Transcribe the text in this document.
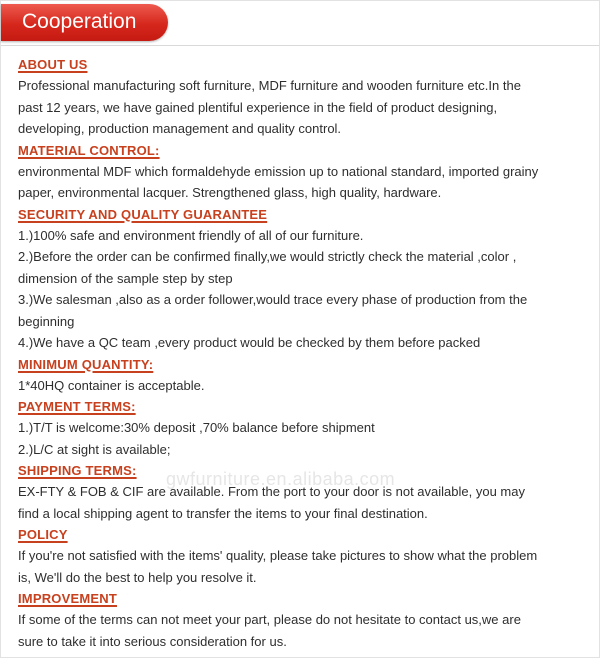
Cooperation
gwfurniture.en.alibaba.com
ABOUT US
Professional manufacturing soft furniture, MDF furniture and wooden furniture etc.In the
past 12 years, we have gained plentiful experience in the field of product designing,
developing, production management and quality control.
MATERIAL CONTROL:
environmental MDF which formaldehyde emission up to national standard, imported grainy
paper, environmental lacquer. Strengthened glass, high quality, hardware.
SECURITY AND QUALITY GUARANTEE
1.)100% safe and environment friendly of all of our furniture.
2.)Before the order can be confirmed finally,we would strictly check the material ,color ,
dimension of the sample step by step
3.)We salesman ,also as a order follower,would trace every phase of production from the
beginning
4.)We have a QC team ,every product would be checked by them before packed
MINIMUM QUANTITY:
1*40HQ container is acceptable.
PAYMENT TERMS:
1.)T/T is welcome:30% deposit ,70% balance before shipment
2.)L/C at sight is available;
SHIPPING TERMS:
EX-FTY & FOB & CIF are available. From the port to your door is not available, you may
find a local shipping agent to transfer the items to your final destination.
POLICY
If you're not satisfied with the items' quality, please take pictures to show what the problem
is, We'll do the best to help you resolve it.
IMPROVEMENT
If some of the terms can not meet your part, please do not hesitate to contact us,we are
sure to take it into serious consideration for us.
